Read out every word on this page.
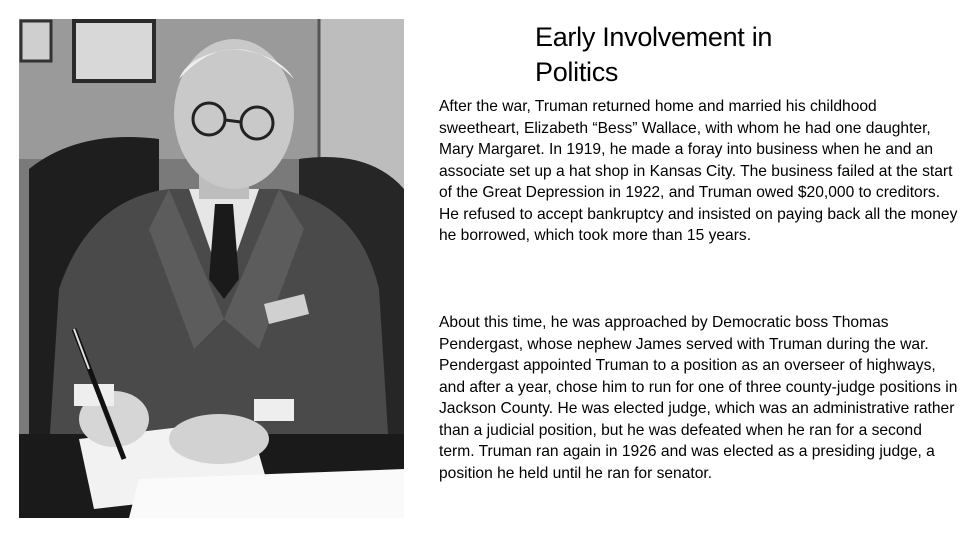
Early Involvement in
Politics

After the war, Truman returned home and married his childhood sweetheart, Elizabeth “Bess” Wallace, with whom he had one daughter, Mary Margaret. In 1919, he made a foray into business when he and an associate set up a hat shop in Kansas City. The business failed at the start of the Great Depression in 1922, and Truman owed $20,000 to creditors. He refused to accept bankruptcy and insisted on paying back all the money he borrowed, which took more than 15 years.

About this time, he was approached by Democratic boss Thomas Pendergast, whose nephew James served with Truman during the war. Pendergast appointed Truman to a position as an overseer of highways, and after a year, chose him to run for one of three county-judge positions in Jackson County. He was elected judge, which was an administrative rather than a judicial position, but he was defeated when he ran for a second term. Truman ran again in 1926 and was elected as a presiding judge, a position he held until he ran for senator.
